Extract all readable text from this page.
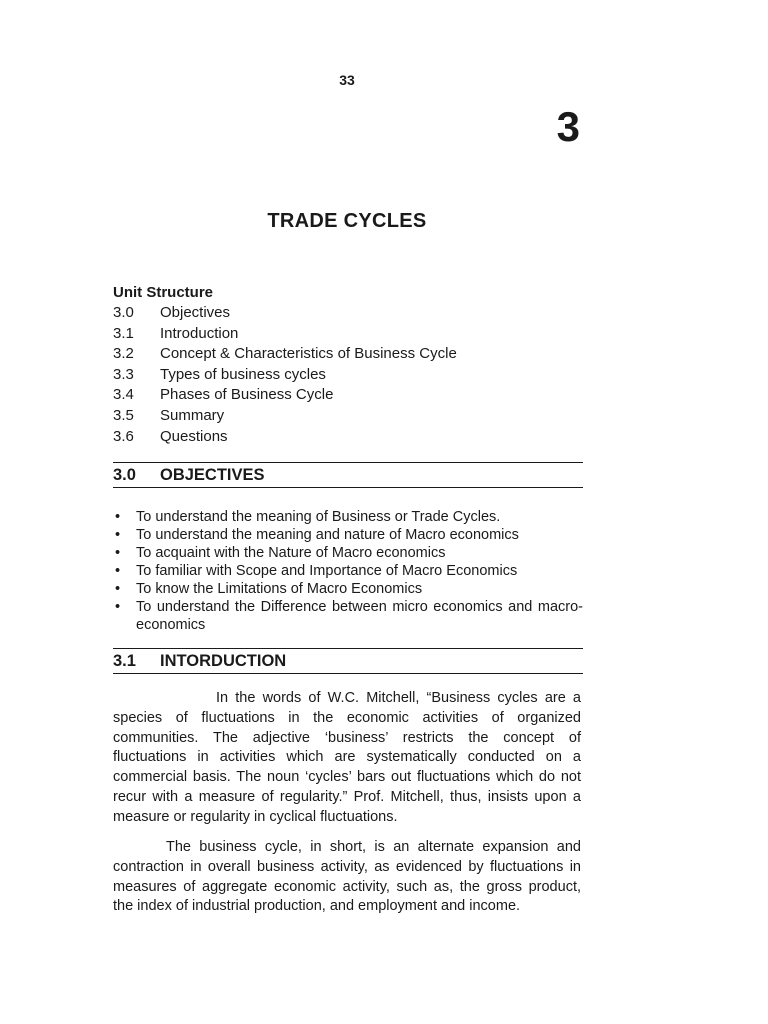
33
3
TRADE CYCLES
Unit Structure
3.0	Objectives
3.1	Introduction
3.2	Concept & Characteristics of Business Cycle
3.3	Types of business cycles
3.4	Phases of Business Cycle
3.5	Summary
3.6	Questions
3.0	OBJECTIVES
• To understand the meaning of Business or Trade Cycles.
• To understand the meaning and nature of Macro economics
• To acquaint with the Nature of Macro economics
• To familiar with Scope and Importance of Macro Economics
• To know the Limitations of Macro Economics
• To understand the Difference between micro economics and macro-economics
3.1	INTORDUCTION

In the words of W.C. Mitchell, “Business cycles are a species of fluctuations in the economic activities of organized communities. The adjective ‘business’ restricts the concept of fluctuations in activities which are systematically conducted on a commercial basis. The noun ‘cycles’ bars out fluctuations which do not recur with a measure of regularity.” Prof. Mitchell, thus, insists upon a measure or regularity in cyclical fluctuations.

The business cycle, in short, is an alternate expansion and contraction in overall business activity, as evidenced by fluctuations in measures of aggregate economic activity, such as, the gross product, the index of industrial production, and employment and income.
